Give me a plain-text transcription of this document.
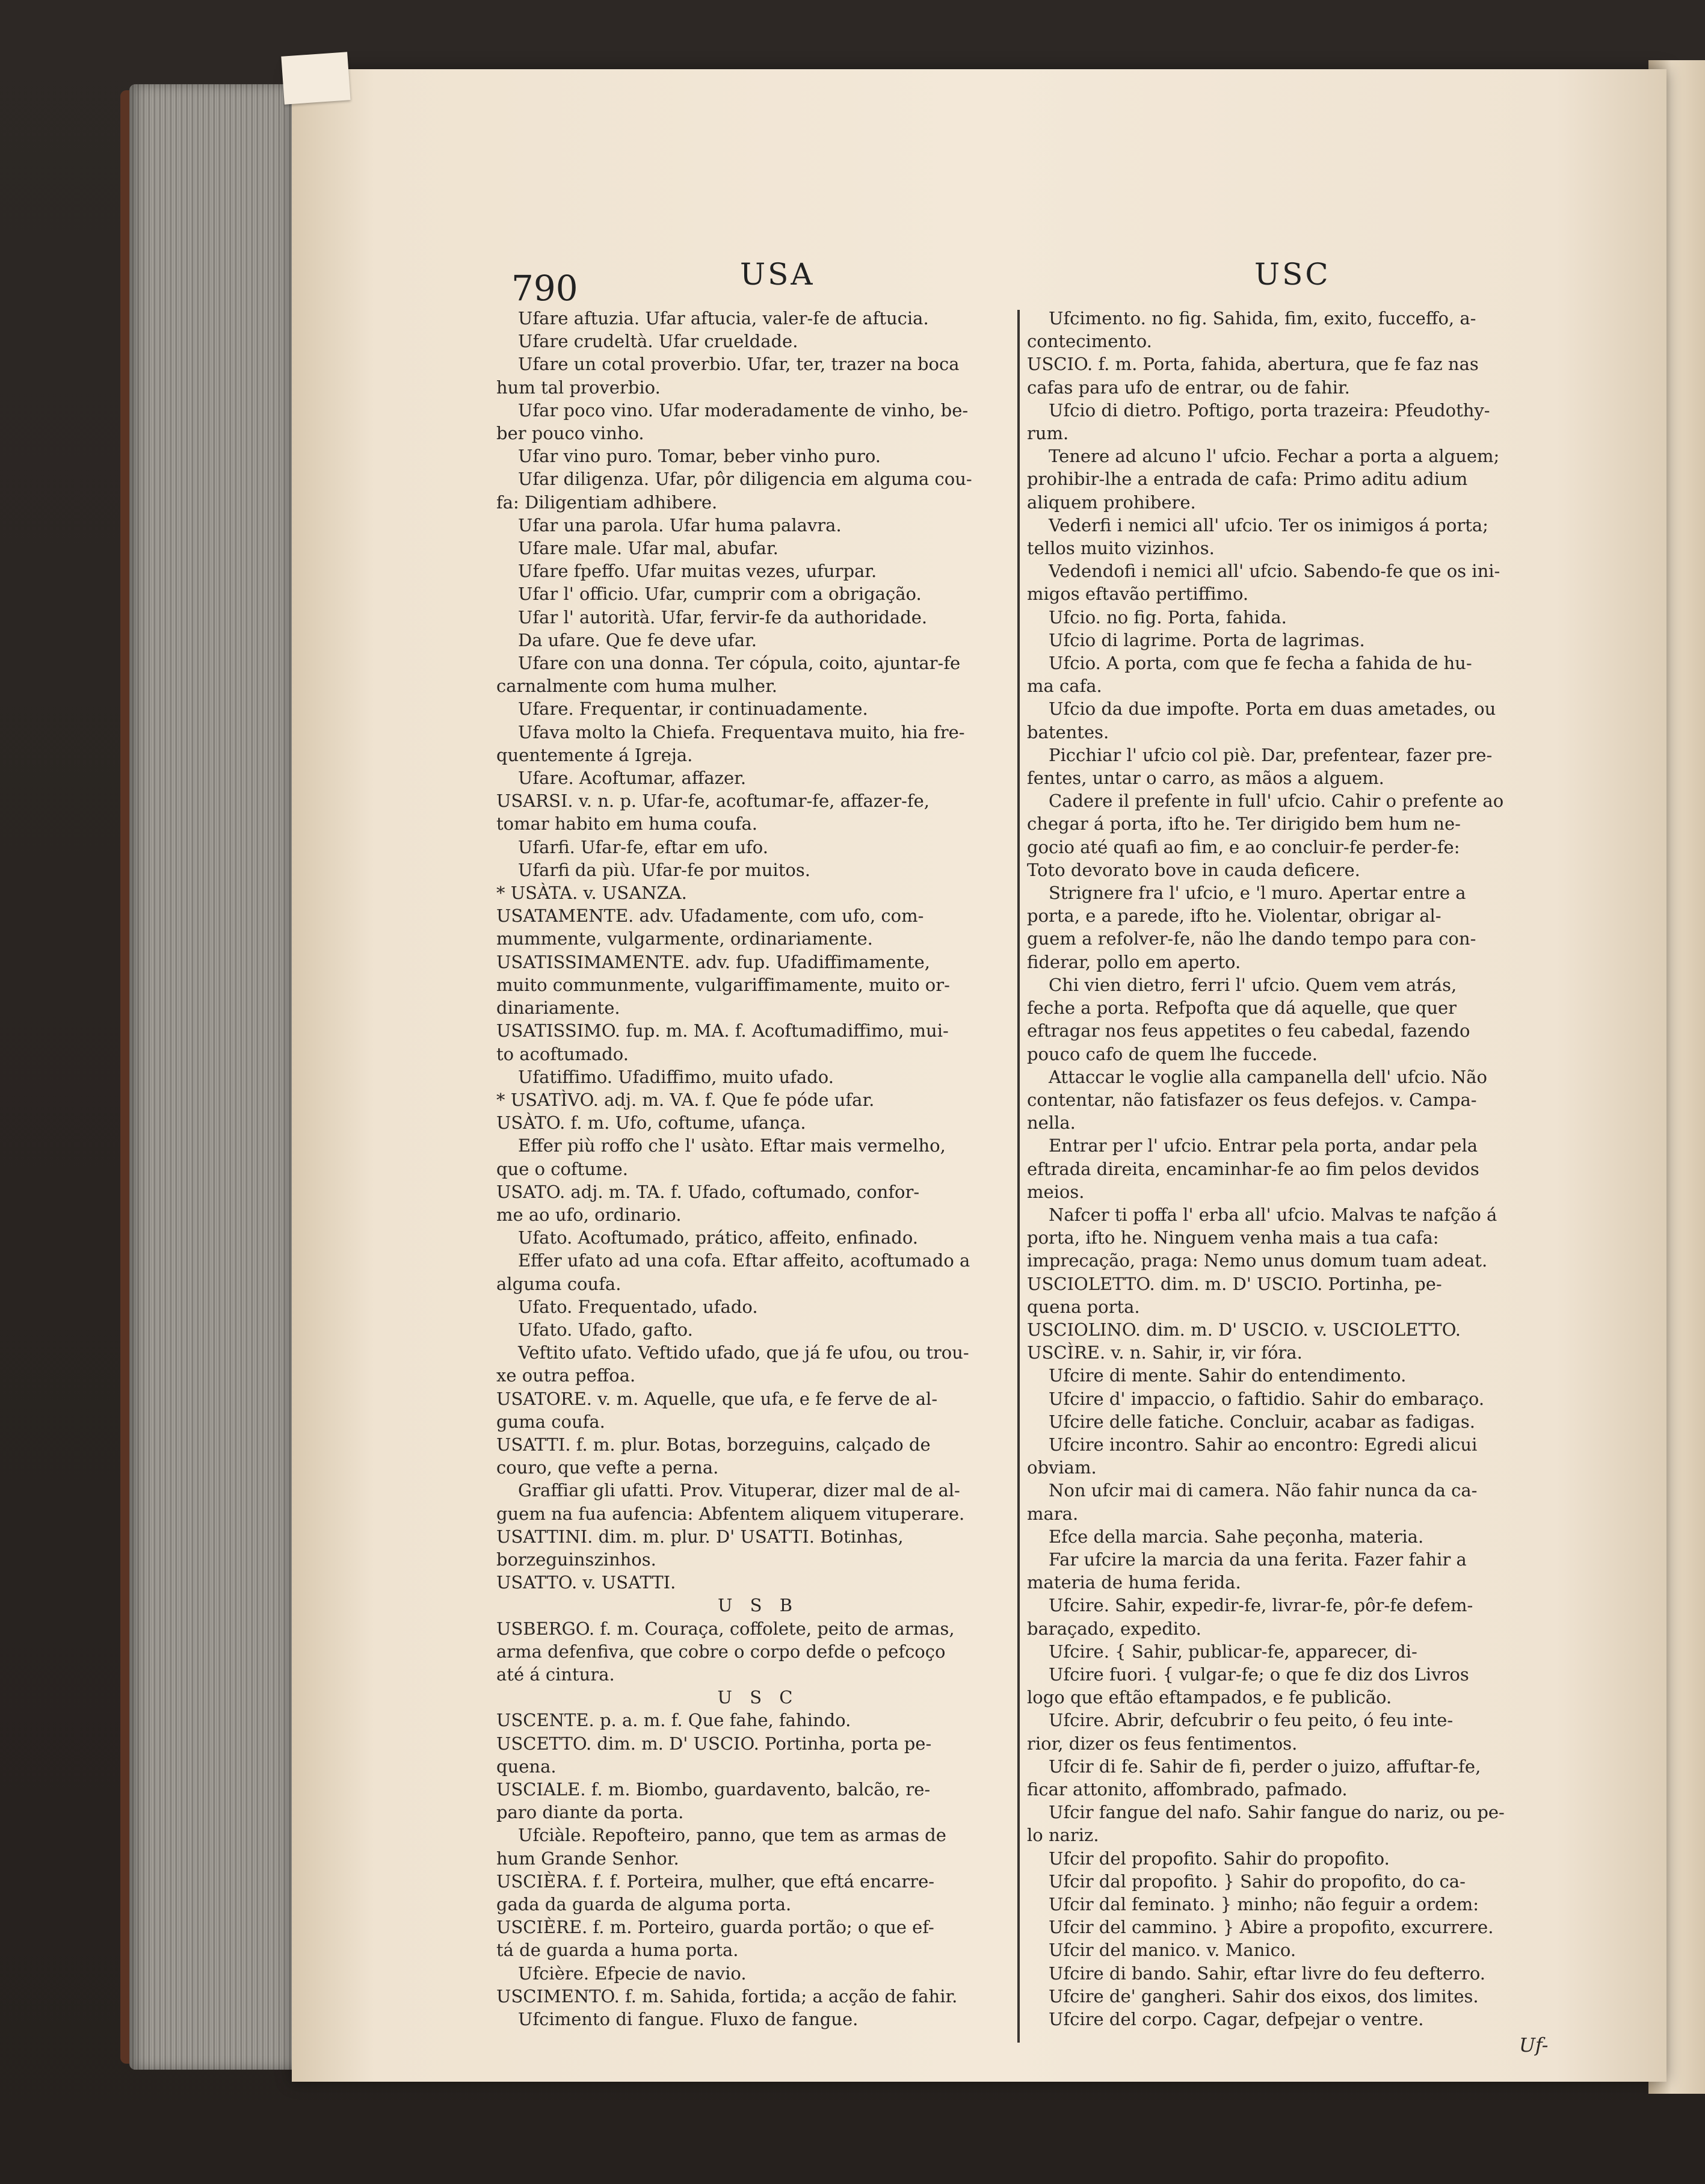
790	USA	USC
Ufare aftuzia. Ufar aftucia, valer-fe de aftucia.
Ufare crudeltà. Ufar crueldade.
Ufare un cotal proverbio. Ufar, ter, trazer na boca
hum tal proverbio.
Ufar poco vino. Ufar moderadamente de vinho, be-
ber pouco vinho.
Ufar vino puro. Tomar, beber vinho puro.
Ufar diligenza. Ufar, pôr diligencia em alguma cou-
fa: Diligentiam adhibere.
Ufar una parola. Ufar huma palavra.
Ufare male. Ufar mal, abufar.
Ufare fpeffo. Ufar muitas vezes, ufurpar.
Ufar l' officio. Ufar, cumprir com a obrigação.
Ufar l' autorità. Ufar, fervir-fe da authoridade.
Da ufare. Que fe deve ufar.
Ufare con una donna. Ter cópula, coito, ajuntar-fe
carnalmente com huma mulher.
Ufare. Frequentar, ir continuadamente.
Ufava molto la Chiefa. Frequentava muito, hia fre-
quentemente á Igreja.
Ufare. Acoftumar, affazer.
USARSI. v. n. p. Ufar-fe, acoftumar-fe, affazer-fe,
tomar habito em huma coufa.
Ufarfi. Ufar-fe, eftar em ufo.
Ufarfi da più. Ufar-fe por muitos.
* USÀTA. v. USANZA.
USATAMENTE. adv. Ufadamente, com ufo, com-
mummente, vulgarmente, ordinariamente.
USATISSIMAMENTE. adv. fup. Ufadiffimamente,
muito communmente, vulgariffimamente, muito or-
dinariamente.
USATISSIMO. fup. m. MA. f. Acoftumadiffimo, mui-
to acoftumado.
Ufatiffimo. Ufadiffimo, muito ufado.
* USATÌVO. adj. m. VA. f. Que fe póde ufar.
USÀTO. f. m. Ufo, coftume, ufança.
Effer più roffo che l' usàto. Eftar mais vermelho,
que o coftume.
USATO. adj. m. TA. f. Ufado, coftumado, confor-
me ao ufo, ordinario.
Ufato. Acoftumado, prático, affeito, enfinado.
Effer ufato ad una cofa. Eftar affeito, acoftumado a
alguma coufa.
Ufato. Frequentado, ufado.
Ufato. Ufado, gafto.
Veftito ufato. Veftido ufado, que já fe ufou, ou trou-
xe outra peffoa.
USATORE. v. m. Aquelle, que ufa, e fe ferve de al-
guma coufa.
USATTI. f. m. plur. Botas, borzeguins, calçado de
couro, que vefte a perna.
Graffiar gli ufatti. Prov. Vituperar, dizer mal de al-
guem na fua aufencia: Abfentem aliquem vituperare.
USATTINI. dim. m. plur. D' USATTI. Botinhas,
borzeguinszinhos.
USATTO. v. USATTI.
U S B
USBERGO. f. m. Couraça, coffolete, peito de armas,
arma defenfiva, que cobre o corpo defde o pefcoço
até á cintura.
U S C
USCENTE. p. a. m. f. Que fahe, fahindo.
USCETTO. dim. m. D' USCIO. Portinha, porta pe-
quena.
USCIALE. f. m. Biombo, guardavento, balcão, re-
paro diante da porta.
Ufciàle. Repofteiro, panno, que tem as armas de
hum Grande Senhor.
USCIÈRA. f. f. Porteira, mulher, que eftá encarre-
gada da guarda de alguma porta.
USCIÈRE. f. m. Porteiro, guarda portão; o que ef-
tá de guarda a huma porta.
Ufcière. Efpecie de navio.
USCIMENTO. f. m. Sahida, fortida; a acção de fahir.
Ufcimento di fangue. Fluxo de fangue.
Ufcimento. no fig. Sahida, fim, exito, fucceffo, a-
contecimento.
USCIO. f. m. Porta, fahida, abertura, que fe faz nas
cafas para ufo de entrar, ou de fahir.
Ufcio di dietro. Poftigo, porta trazeira: Pfeudothy-
rum.
Tenere ad alcuno l' ufcio. Fechar a porta a alguem;
prohibir-lhe a entrada de cafa: Primo aditu adium
aliquem prohibere.
Vederfi i nemici all' ufcio. Ter os inimigos á porta;
tellos muito vizinhos.
Vedendofi i nemici all' ufcio. Sabendo-fe que os ini-
migos eftavão pertiffimo.
Ufcio. no fig. Porta, fahida.
Ufcio di lagrime. Porta de lagrimas.
Ufcio. A porta, com que fe fecha a fahida de hu-
ma cafa.
Ufcio da due impofte. Porta em duas ametades, ou
batentes.
Picchiar l' ufcio col piè. Dar, prefentear, fazer pre-
fentes, untar o carro, as mãos a alguem.
Cadere il prefente in full' ufcio. Cahir o prefente ao
chegar á porta, ifto he. Ter dirigido bem hum ne-
gocio até quafi ao fim, e ao concluir-fe perder-fe:
Toto devorato bove in cauda deficere.
Strignere fra l' ufcio, e 'l muro. Apertar entre a
porta, e a parede, ifto he. Violentar, obrigar al-
guem a refolver-fe, não lhe dando tempo para con-
fiderar, pollo em aperto.
Chi vien dietro, ferri l' ufcio. Quem vem atrás,
feche a porta. Refpofta que dá aquelle, que quer
eftragar nos feus appetites o feu cabedal, fazendo
pouco cafo de quem lhe fuccede.
Attaccar le voglie alla campanella dell' ufcio. Não
contentar, não fatisfazer os feus defejos. v. Campa-
nella.
Entrar per l' ufcio. Entrar pela porta, andar pela
eftrada direita, encaminhar-fe ao fim pelos devidos
meios.
Nafcer ti poffa l' erba all' ufcio. Malvas te nafção á
porta, ifto he. Ninguem venha mais a tua cafa:
imprecação, praga: Nemo unus domum tuam adeat.
USCIOLETTO. dim. m. D' USCIO. Portinha, pe-
quena porta.
USCIOLINO. dim. m. D' USCIO. v. USCIOLETTO.
USCÌRE. v. n. Sahir, ir, vir fóra.
Ufcire di mente. Sahir do entendimento.
Ufcire d' impaccio, o faftidio. Sahir do embaraço.
Ufcire delle fatiche. Concluir, acabar as fadigas.
Ufcire incontro. Sahir ao encontro: Egredi alicui
obviam.
Non ufcir mai di camera. Não fahir nunca da ca-
mara.
Efce della marcia. Sahe peçonha, materia.
Far ufcire la marcia da una ferita. Fazer fahir a
materia de huma ferida.
Ufcire. Sahir, expedir-fe, livrar-fe, pôr-fe defem-
baraçado, expedito.
Ufcire. { Sahir, publicar-fe, apparecer, di-
Ufcire fuori. { vulgar-fe; o que fe diz dos Livros
logo que eftão eftampados, e fe publicão.
Ufcire. Abrir, defcubrir o feu peito, ó feu inte-
rior, dizer os feus fentimentos.
Ufcir di fe. Sahir de fi, perder o juizo, affuftar-fe,
ficar attonito, affombrado, pafmado.
Ufcir fangue del nafo. Sahir fangue do nariz, ou pe-
lo nariz.
Ufcir del propofito. Sahir do propofito.
Ufcir dal propofito. } Sahir do propofito, do ca-
Ufcir dal feminato. } minho; não feguir a ordem:
Ufcir del cammino. } Abire a propofito, excurrere.
Ufcir del manico. v. Manico.
Ufcire di bando. Sahir, eftar livre do feu defterro.
Ufcire de' gangheri. Sahir dos eixos, dos limites.
Ufcire del corpo. Cagar, defpejar o ventre.
Uf-
